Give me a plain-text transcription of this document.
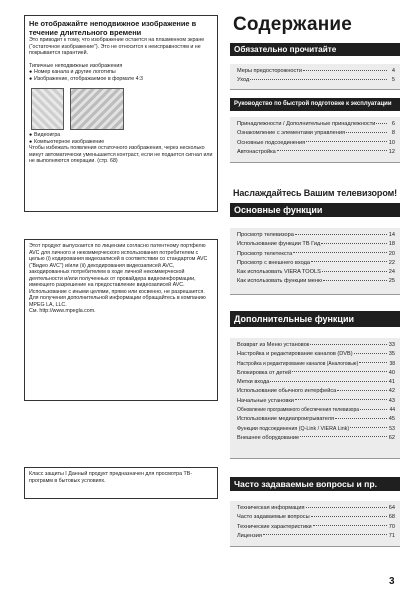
Не отображайте неподвижное изображение в течение длительного времени
Это приводит к тому, что изображение остается на плазменном экране (“остаточное изображение”). Это не относится к неисправностям и не покрывается гарантией.
Типичные неподвижные изображения
● Номер канала и другие логотипы
● Изображение, отображаемое в формате 4:3
● Видеоигра
● Компьютерное изображение
Чтобы избежать появления остаточного изображения, через несколько минут автоматически уменьшается контраст, если не подается сигнал или не выполняются операции. (стр. 68)
Этот продукт выпускается по лицензии согласно патентному портфелю AVC для личного и некоммерческого использования потребителем с целью (i) кодирования видеозаписей в соответствии со стандартом AVC (“Видео AVC”) и/или (ii) декодирования видеозаписей AVC, закодированных потребителем в ходе личной некоммерческой деятельности и/или полученных от провайдера видеоинформации, имеющего разрешение на предоставление видеозаписей AVC. Использование с иными целями, прямо или косвенно, не разрешается.
Для получения дополнительной информации обращайтесь в компанию MPEG LA, LLC.
См. http://www.mpegla.com.
Класс защиты I Данный продукт предназначен для просмотра ТВ-программ в бытовых условиях.
Содержание
Обязательно прочитайте
Меры предосторожности	4
Уход	5
Руководство по быстрой подготовке к эксплуатации
Принадлежности / Дополнительные принадлежности	6
Ознакомление с элементами управления	8
Основные подсоединения	10
Автонастройка	12
Наслаждайтесь Вашим телевизором!
Основные функции
Просмотр телевизора	14
Использование функции ТВ Гид	18
Просмотр телетекста	20
Просмотр с внешнего входа	22
Как использовать VIERA TOOLS	24
Как использовать функции меню	25
Дополнительные функции
Возврат из Меню установок	33
Настройка и редактирование каналов (DVB)	35
Настройка и редактирование каналов (Аналоговые)	38
Блокировка от детей	40
Метки входа	41
Использование обычного интерфейса	42
Начальные установки	43
Обновление программного обеспечения телевизора	44
Использование медиапроигрывателя	45
Функции подсоединения (Q-Link / VIERA Link)	53
Внешнее оборудование	62
Часто задаваемые вопросы и пр.
Техническая информация	64
Часто задаваемые вопросы	68
Технические характеристики	70
Лицензия	71
3
